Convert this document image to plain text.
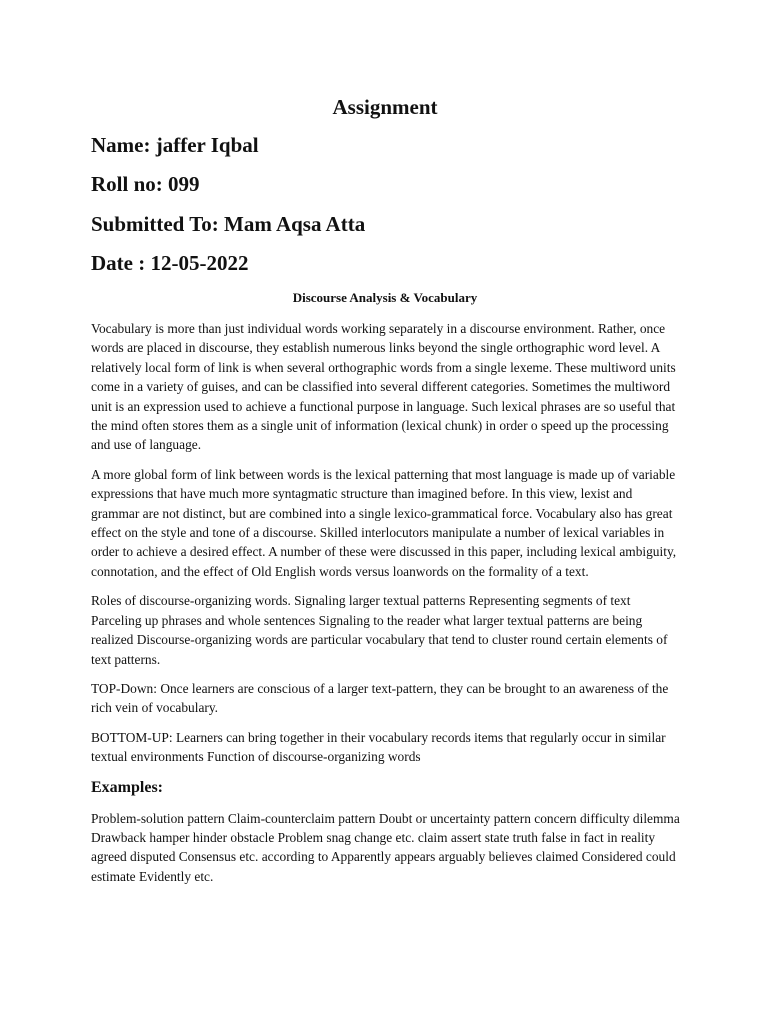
Assignment
Name: jaffer Iqbal
Roll no: 099
Submitted To: Mam Aqsa Atta
Date : 12-05-2022
Discourse Analysis & Vocabulary

Vocabulary is more than just individual words working separately in a discourse environment. Rather, once words are placed in discourse, they establish numerous links beyond the single orthographic word level. A relatively local form of link is when several orthographic words from a single lexeme. These multiword units come in a variety of guises, and can be classified into several different categories. Sometimes the multiword unit is an expression used to achieve a functional purpose in language. Such lexical phrases are so useful that the mind often stores them as a single unit of information (lexical chunk) in order o speed up the processing and use of language.

A more global form of link between words is the lexical patterning that most language is made up of variable expressions that have much more syntagmatic structure than imagined before. In this view, lexist and grammar are not distinct, but are combined into a single lexico-grammatical force. Vocabulary also has great effect on the style and tone of a discourse. Skilled interlocutors manipulate a number of lexical variables in order to achieve a desired effect. A number of these were discussed in this paper, including lexical ambiguity, connotation, and the effect of Old English words versus loanwords on the formality of a text.

Roles of discourse-organizing words. Signaling larger textual patterns Representing segments of text Parceling up phrases and whole sentences Signaling to the reader what larger textual patterns are being realized Discourse-organizing words are particular vocabulary that tend to cluster round certain elements of text patterns.

TOP-Down: Once learners are conscious of a larger text-pattern, they can be brought to an awareness of the rich vein of vocabulary.

BOTTOM-UP: Learners can bring together in their vocabulary records items that regularly occur in similar textual environments Function of discourse-organizing words

Examples:

Problem-solution pattern Claim-counterclaim pattern Doubt or uncertainty pattern concern difficulty dilemma Drawback hamper hinder obstacle Problem snag change etc. claim assert state truth false in fact in reality agreed disputed Consensus etc. according to Apparently appears arguably believes claimed Considered could estimate Evidently etc.
